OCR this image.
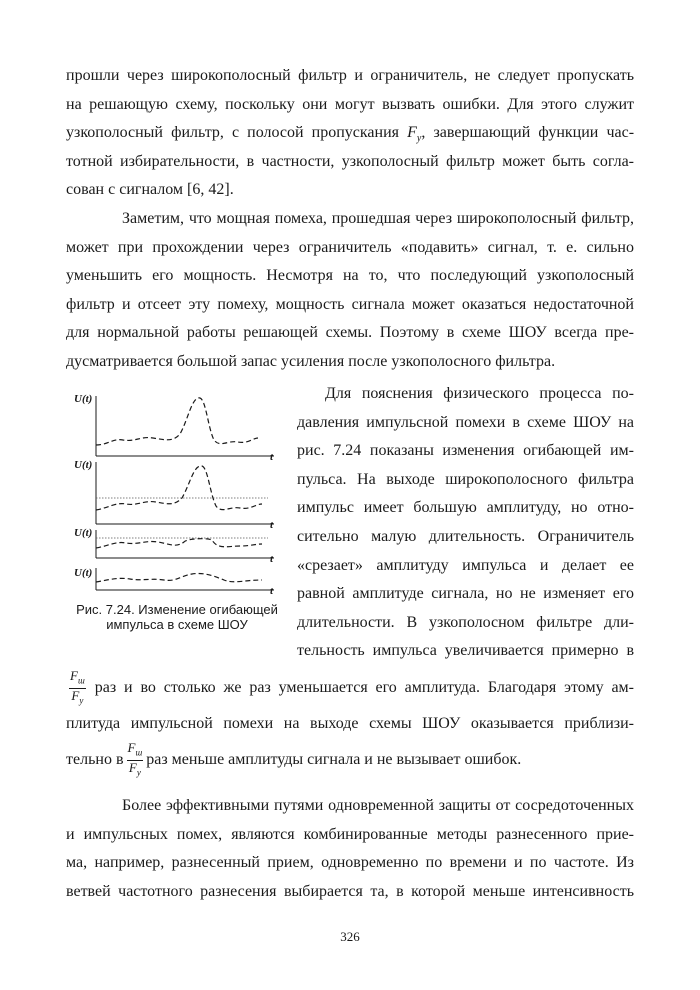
прошли через широкополосный фильтр и ограничитель, не следует пропускать
на решающую схему, поскольку они могут вызвать ошибки. Для этого служит
узкополосный фильтр, с полосой пропускания $F_у$, завершающий функции час-
тотной избирательности, в частности, узкополосный фильтр может быть согла-
сован с сигналом [6, 42].
Заметим, что мощная помеха, прошедшая через широкополосный фильтр,
может при прохождении через ограничитель «подавить» сигнал, т. е. сильно
уменьшить его мощность. Несмотря на то, что последующий узкополосный
фильтр и отсеет эту помеху, мощность сигнала может оказаться недостаточной
для нормальной работы решающей схемы. Поэтому в схеме ШОУ всегда пре-
дусматривается большой запас усиления после узкополосного фильтра.
U(t)
t
U(t)
t
U(t)
t
U(t)
t
Рис. 7.24. Изменение огибающей
импульса в схеме ШОУ
Для пояснения физического процесса по-
давления импульсной помехи в схеме ШОУ на
рис. 7.24 показаны изменения огибающей им-
пульса. На выходе широкополосного фильтра
импульс имеет большую амплитуду, но отно-
сительно малую длительность. Ограничитель
«срезает» амплитуду импульса и делает ее
равной амплитуде сигнала, но не изменяет его
длительности. В узкополосном фильтре дли-
тельность импульса увеличивается примерно в
$\frac{F_ш}{F_у}$ раз и во столько же раз уменьшается его амплитуда. Благодаря этому ам-
плитуда импульсной помехи на выходе схемы ШОУ оказывается приблизи-
тельно в $\frac{F_ш}{F_у}$ раз меньше амплитуды сигнала и не вызывает ошибок.
Более эффективными путями одновременной защиты от сосредоточенных
и импульсных помех, являются комбинированные методы разнесенного прие-
ма, например, разнесенный прием, одновременно по времени и по частоте. Из
ветвей частотного разнесения выбирается та, в которой меньше интенсивность
326
